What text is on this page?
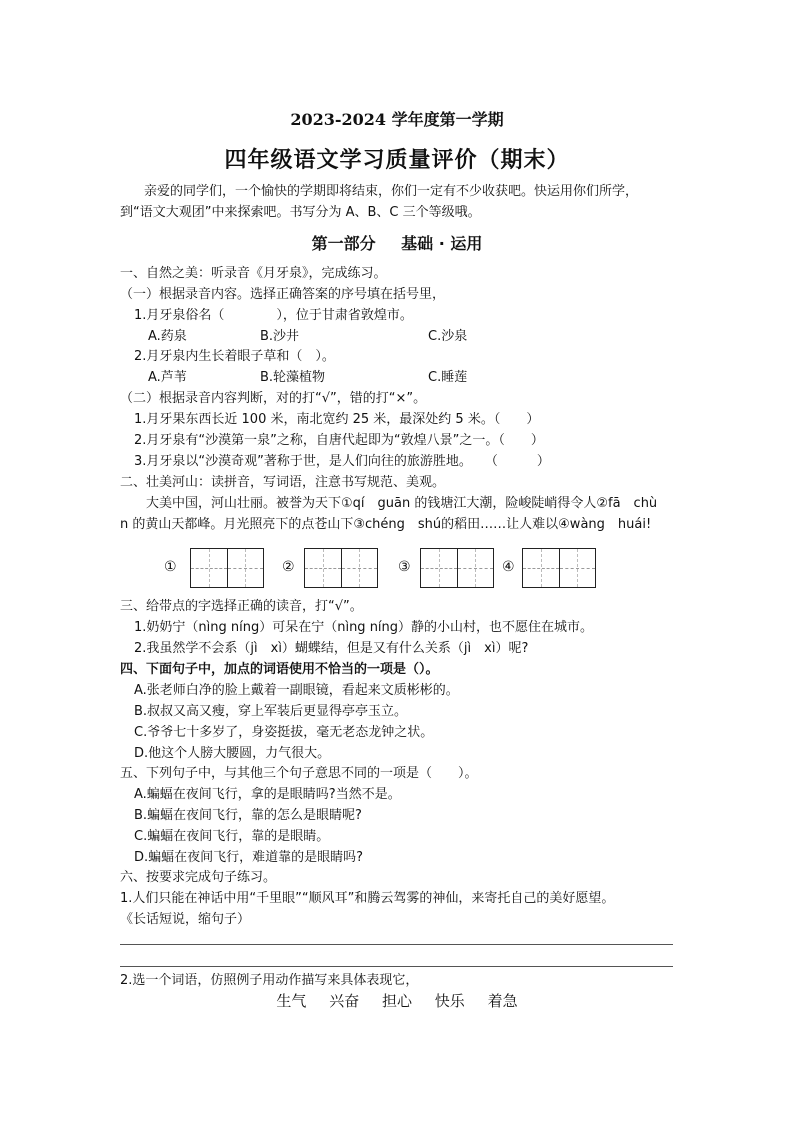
2023-2024 学年度第一学期
四年级语文学习质量评价（期末）
亲爱的同学们，一个愉快的学期即将结束，你们一定有不少收获吧。快运用你们所学，
到“语文大观团”中来探索吧。书写分为 A、B、C 三个等级哦。
第一部分 基础 · 运用
一、自然之美：听录音《月牙泉》，完成练习。
（一）根据录音内容。选择正确答案的序号填在括号里，
1.月牙泉俗名（　　　　），位于甘肃省敦煌市。
A.药泉	B.沙井	C.沙泉
2.月牙泉内生长着眼子草和（　）。
A.芦苇	B.轮藻植物	C.睡莲
（二）根据录音内容判断，对的打“√”，错的打“×”。
1.月牙果东西长近 100 米，南北宽约 25 米，最深处约 5 米。（　　）
2.月牙泉有“沙漠第一泉”之称，自唐代起即为“敦煌八景”之一。（　　）
3.月牙泉以“沙漠奇观”著称于世，是人们向往的旅游胜地。　　（　　　）
二、壮美河山：读拼音，写词语，注意书写规范、美观。
大美中国，河山壮丽。被誉为天下①qí　guān 的钱塘江大潮，险峻陡峭得令人②fā　chù
n 的黄山天都峰。月光照亮下的点苍山下③chéng　shú的稻田……让人难以④wàng　huái!
①	②	③	④
三、给带点的字选择正确的读音，打“√”。
1.奶奶宁（nìng níng）可呆在宁（nìng níng）静的小山村，也不愿住在城市。
2.我虽然学不会系（jì　xì）蝴蝶结，但是又有什么关系（jì　xì）呢?
四、下面句子中，加点的词语使用不恰当的一项是（）。
A.张老师白净的脸上戴着一副眼镜，看起来文质彬彬的。
B.叔叔又高又瘦，穿上军装后更显得亭亭玉立。
C.爷爷七十多岁了，身姿挺拔，毫无老态龙钟之状。
D.他这个人膀大腰圆，力气很大。
五、下列句子中，与其他三个句子意思不同的一项是（　　）。
A.蝙蝠在夜间飞行，拿的是眼睛吗?当然不是。
B.蝙蝠在夜间飞行，靠的怎么是眼睛呢?
C.蝙蝠在夜间飞行，靠的是眼睛。
D.蝙蝠在夜间飞行，难道靠的是眼睛吗?
六、按要求完成句子练习。
1.人们只能在神话中用“千里眼”“顺风耳”和腾云驾雾的神仙，来寄托自己的美好愿望。
《长话短说，缩句子）
2.选一个词语，仿照例子用动作描写来具体表现它，
生气 兴奋 担心 快乐 着急
